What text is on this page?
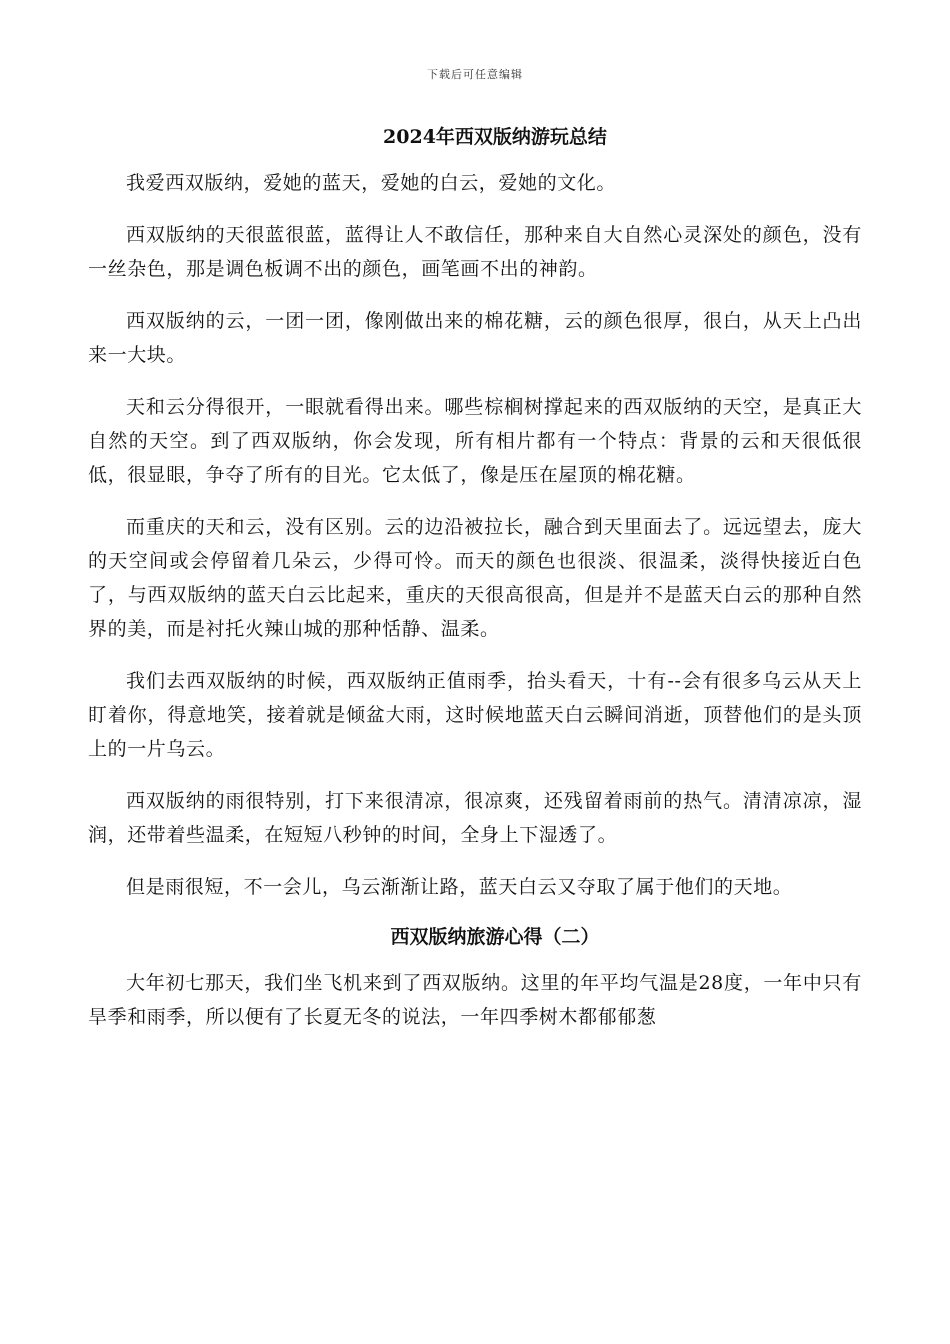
下载后可任意编辑
2024年西双版纳游玩总结

我爱西双版纳，爱她的蓝天，爱她的白云，爱她的文化。

西双版纳的天很蓝很蓝，蓝得让人不敢信任，那种来自大自然心灵深处的颜色，没有一丝杂色，那是调色板调不出的颜色，画笔画不出的神韵。

西双版纳的云，一团一团，像刚做出来的棉花糖，云的颜色很厚，很白，从天上凸出来一大块。

天和云分得很开，一眼就看得出来。哪些棕榈树撑起来的西双版纳的天空，是真正大自然的天空。到了西双版纳，你会发现，所有相片都有一个特点：背景的云和天很低很低，很显眼，争夺了所有的目光。它太低了，像是压在屋顶的棉花糖。

而重庆的天和云，没有区别。云的边沿被拉长，融合到天里面去了。远远望去，庞大的天空间或会停留着几朵云，少得可怜。而天的颜色也很淡、很温柔，淡得快接近白色了，与西双版纳的蓝天白云比起来，重庆的天很高很高，但是并不是蓝天白云的那种自然界的美，而是衬托火辣山城的那种恬静、温柔。

我们去西双版纳的时候，西双版纳正值雨季，抬头看天，十有--会有很多乌云从天上盯着你，得意地笑，接着就是倾盆大雨，这时候地蓝天白云瞬间消逝，顶替他们的是头顶上的一片乌云。

西双版纳的雨很特别，打下来很清凉，很凉爽，还残留着雨前的热气。清清凉凉，湿润，还带着些温柔，在短短八秒钟的时间，全身上下湿透了。

但是雨很短，不一会儿，乌云渐渐让路，蓝天白云又夺取了属于他们的天地。

西双版纳旅游心得（二）

大年初七那天，我们坐飞机来到了西双版纳。这里的年平均气温是28度，一年中只有旱季和雨季，所以便有了长夏无冬的说法，一年四季树木都郁郁葱
